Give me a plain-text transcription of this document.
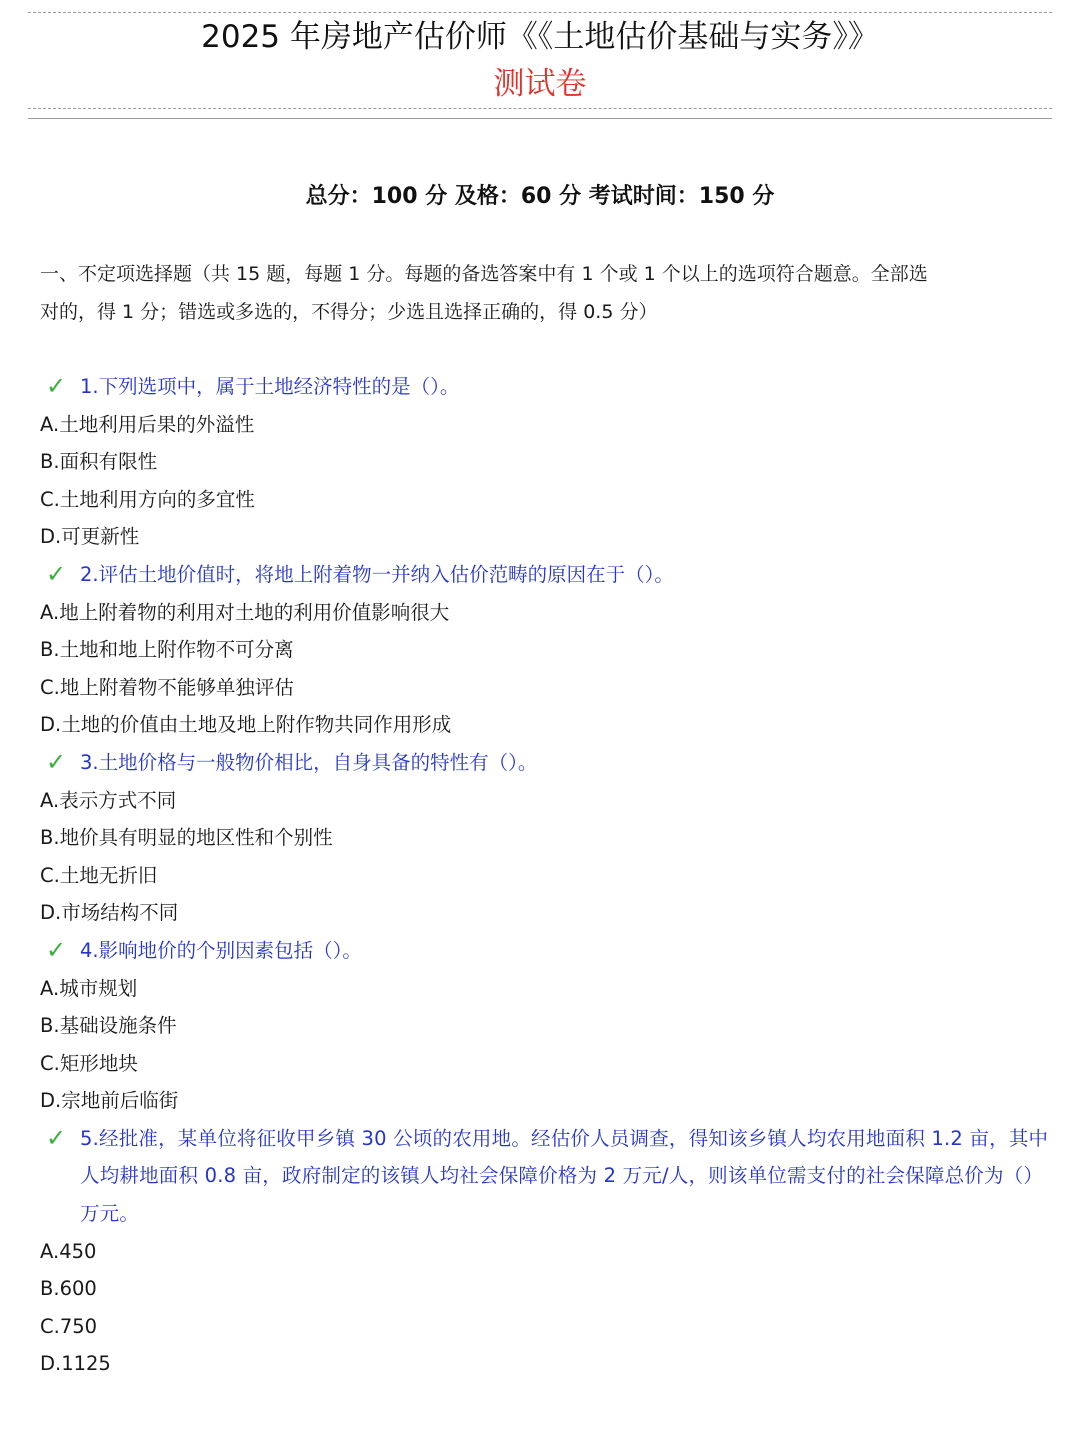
2025 年房地产估价师《《土地估价基础与实务》》
测试卷
总分：100 分 及格：60 分 考试时间：150 分

一、不定项选择题（共 15 题，每题 1 分。每题的备选答案中有 1 个或 1 个以上的选项符合题意。全部选对的，得 1 分；错选或多选的，不得分；少选且选择正确的，得 0.5 分）

✓ 1.下列选项中，属于土地经济特性的是（）。
A.土地利用后果的外溢性
B.面积有限性
C.土地利用方向的多宜性
D.可更新性
✓ 2.评估土地价值时，将地上附着物一并纳入估价范畴的原因在于（）。
A.地上附着物的利用对土地的利用价值影响很大
B.土地和地上附作物不可分离
C.地上附着物不能够单独评估
D.土地的价值由土地及地上附作物共同作用形成
✓ 3.土地价格与一般物价相比，自身具备的特性有（）。
A.表示方式不同
B.地价具有明显的地区性和个别性
C.土地无折旧
D.市场结构不同
✓ 4.影响地价的个别因素包括（）。
A.城市规划
B.基础设施条件
C.矩形地块
D.宗地前后临街
✓ 5.经批准，某单位将征收甲乡镇 30 公顷的农用地。经估价人员调查，得知该乡镇人均农用地面积 1.2 亩，其中人均耕地面积 0.8 亩，政府制定的该镇人均社会保障价格为 2 万元/人，则该单位需支付的社会保障总价为（）万元。
A.450
B.600
C.750
D.1125
